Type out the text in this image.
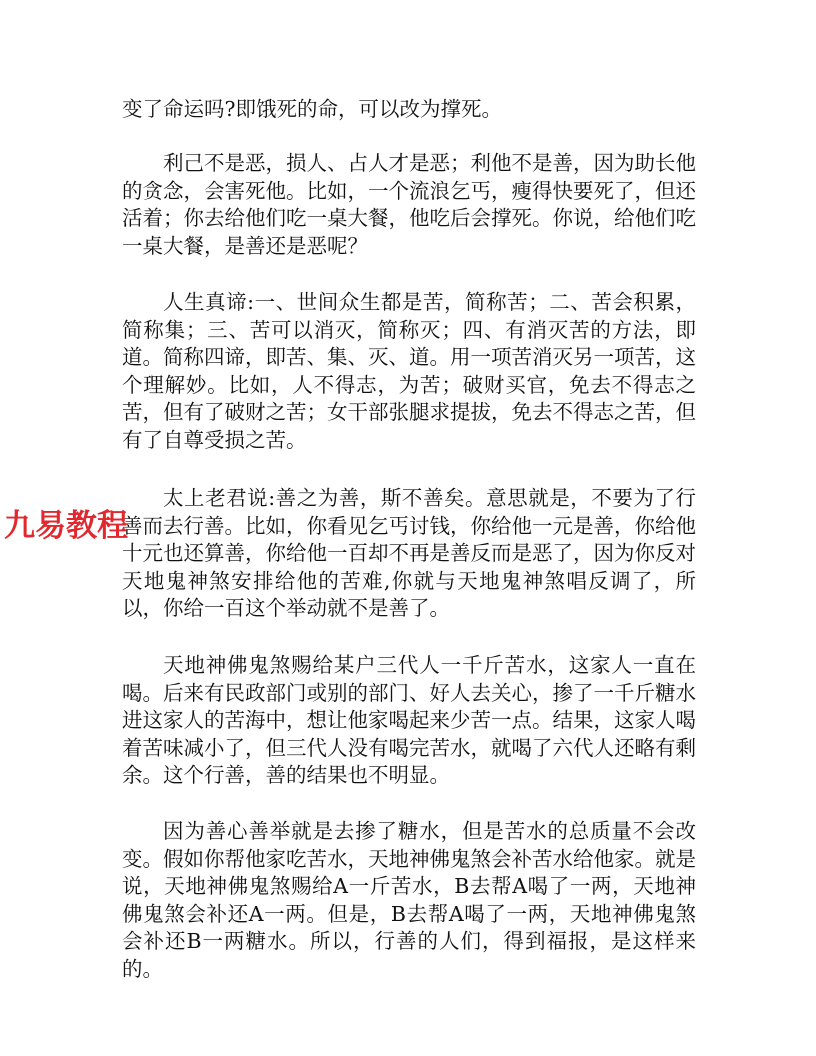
变了命运吗?即饿死的命，可以改为撑死。

利己不是恶，损人、占人才是恶；利他不是善，因为助长他的贪念，会害死他。比如，一个流浪乞丐，瘦得快要死了，但还活着；你去给他们吃一桌大餐，他吃后会撑死。你说，给他们吃一桌大餐，是善还是恶呢？

人生真谛:一、世间众生都是苦，简称苦；二、苦会积累，简称集；三、苦可以消灭，简称灭；四、有消灭苦的方法，即道。简称四谛，即苦、集、灭、道。用一项苦消灭另一项苦，这个理解妙。比如，人不得志，为苦；破财买官，免去不得志之苦，但有了破财之苦；女干部张腿求提拔，免去不得志之苦，但有了自尊受损之苦。

太上老君说:善之为善，斯不善矣。意思就是，不要为了行善而去行善。比如，你看见乞丐讨钱，你给他一元是善，你给他十元也还算善，你给他一百却不再是善反而是恶了，因为你反对天地鬼神煞安排给他的苦难,你就与天地鬼神煞唱反调了，所以，你给一百这个举动就不是善了。

天地神佛鬼煞赐给某户三代人一千斤苦水，这家人一直在喝。后来有民政部门或别的部门、好人去关心，掺了一千斤糖水进这家人的苦海中，想让他家喝起来少苦一点。结果，这家人喝着苦味减小了，但三代人没有喝完苦水，就喝了六代人还略有剩余。这个行善，善的结果也不明显。

因为善心善举就是去掺了糖水，但是苦水的总质量不会改变。假如你帮他家吃苦水，天地神佛鬼煞会补苦水给他家。就是说，天地神佛鬼煞赐给A一斤苦水，B去帮A喝了一两，天地神佛鬼煞会补还A一两。但是，B去帮A喝了一两，天地神佛鬼煞会补还B一两糖水。所以，行善的人们，得到福报，是这样来的。

九易教程
